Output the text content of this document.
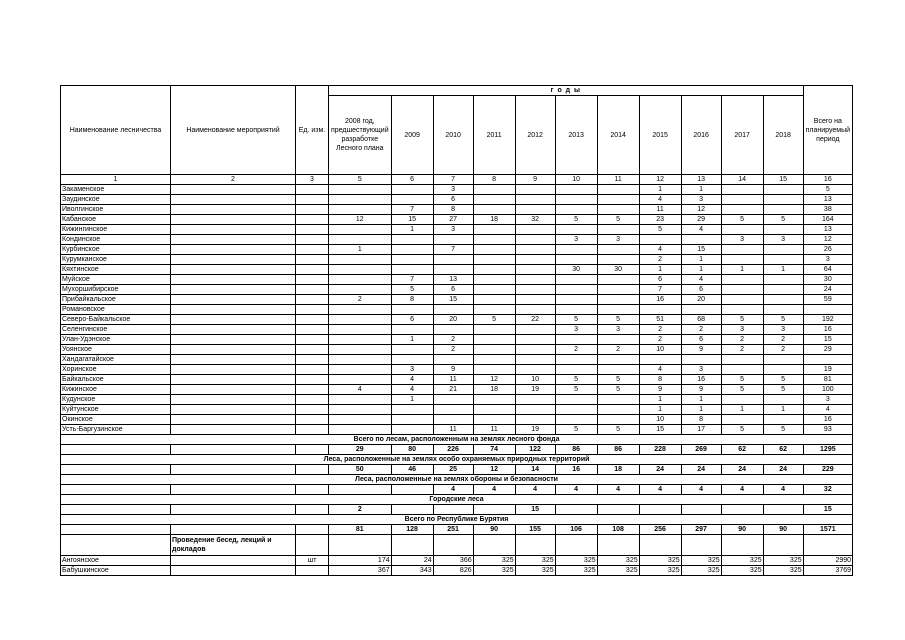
Наименование лесничества	Наименование мероприятий	Ед. изм.	г о д ы											Всего на планируемый период
			2008 год, предшествующий разработке Лесного плана	2009	2010	2011	2012	2013	2014	2015	2016	2017	2018	
1	2	3	5	6	7	8	9	10	11	12	13	14	15	16
Закаменское					3					1	1			5
Заудинское					6					4	3			13
Иволгинское				7	8					11	12			38
Кабанское			12	15	27	18	32	5	5	23	29	5	5	164
Кижингинское				1	3					5	4			13
Кондинское								3	3			3	3	12
Курбинское			1		7					4	15			26
Курумканское										2	1			3
Кяхтинское								30	30	1	1	1	1	64
Муйское				7	13					6	4			30
Мухоршибирское				5	6					7	6			24
Прибайкальское			2	8	15					16	20			59
Романовское														
Северо-Байкальское				6	20	5	22	5	5	51	68	5	5	192
Селенгинское								3	3	2	2	3	3	16
Улан-Удэнское				1	2					2	6	2	2	15
Уоянское					2			2	2	10	9	2	2	29
Хандагатайское														
Хоринское				3	9					4	3			19
Байкальское				4	11	12	10	5	5	8	16	5	5	81
Кижинское			4	4	21	18	19	5	5	9	9	5	5	100
Кудунское				1						1	1			3
Куйтунское										1	1	1	1	4
Окинское										10	8			16
Усть-Баргузинское					11	11	19	5	5	15	17	5	5	93
Всего по лесам, расположенным на землях лесного фонда														
			29	80	226	74	122	86	86	228	269	62	62	1295
Леса, расположенные на землях особо охраняемых природных территорий														
			50	46	25	12	14	16	18	24	24	24	24	229
Леса, расположенные на землях обороны и безопасности														
					4	4	4	4	4	4	4	4	4	32
Городские леса														
			2				15							15
Всего по Республике Бурятия														
			81	128	251	90	155	106	108	256	297	90	90	1571
	Проведение бесед, лекций и докладов													
Ангоянское		шт	174	24	366	325	325	325	325	325	325	325	325	2990
Бабушкинское			367	343	826	325	325	325	325	325	325	325	325	3769
